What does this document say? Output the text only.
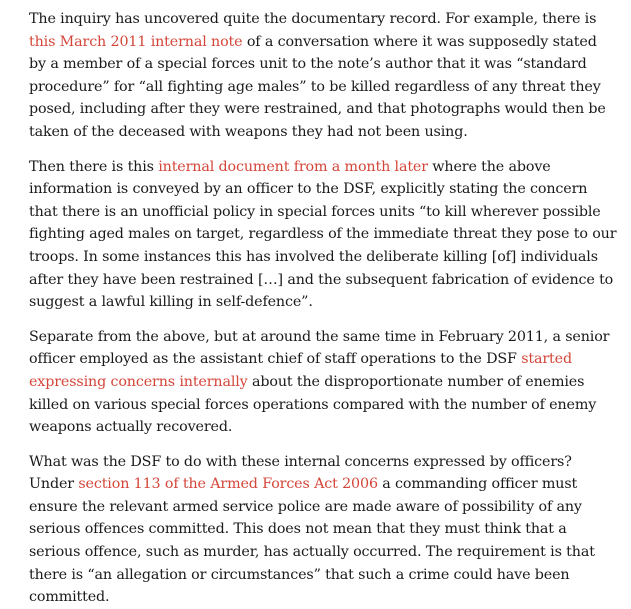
The inquiry has uncovered quite the documentary record. For example, there is this March 2011 internal note of a conversation where it was supposedly stated by a member of a special forces unit to the note’s author that it was “standard procedure” for “all fighting age males” to be killed regardless of any threat they posed, including after they were restrained, and that photographs would then be taken of the deceased with weapons they had not been using.

Then there is this internal document from a month later where the above information is conveyed by an officer to the DSF, explicitly stating the concern that there is an unofficial policy in special forces units “to kill wherever possible fighting aged males on target, regardless of the immediate threat they pose to our troops. In some instances this has involved the deliberate killing [of] individuals after they have been restrained […] and the subsequent fabrication of evidence to suggest a lawful killing in self-defence”.

Separate from the above, but at around the same time in February 2011, a senior officer employed as the assistant chief of staff operations to the DSF started expressing concerns internally about the disproportionate number of enemies killed on various special forces operations compared with the number of enemy weapons actually recovered.

What was the DSF to do with these internal concerns expressed by officers? Under section 113 of the Armed Forces Act 2006 a commanding officer must ensure the relevant armed service police are made aware of possibility of any serious offences committed. This does not mean that they must think that a serious offence, such as murder, has actually occurred. The requirement is that there is “an allegation or circumstances” that such a crime could have been committed.
